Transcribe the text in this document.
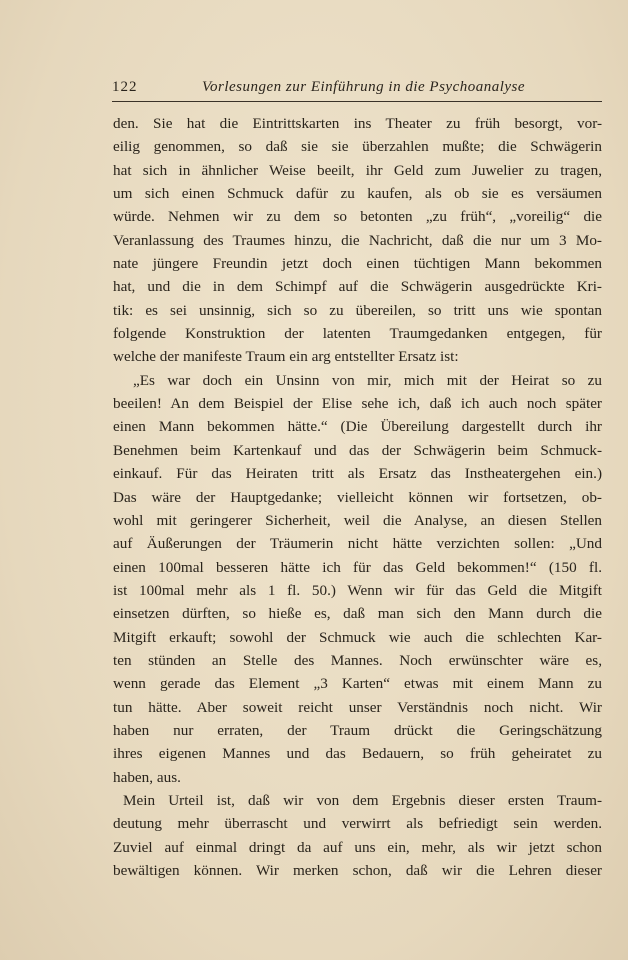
122	Vorlesungen zur Einführung in die Psychoanalyse
den. Sie hat die Eintrittskarten ins Theater zu früh besorgt, vor-
eilig genommen, so daß sie sie überzahlen mußte; die Schwägerin
hat sich in ähnlicher Weise beeilt, ihr Geld zum Juwelier zu tragen,
um sich einen Schmuck dafür zu kaufen, als ob sie es versäumen
würde. Nehmen wir zu dem so betonten „zu früh“, „voreilig“ die
Veranlassung des Traumes hinzu, die Nachricht, daß die nur um 3 Mo-
nate jüngere Freundin jetzt doch einen tüchtigen Mann bekommen
hat, und die in dem Schimpf auf die Schwägerin ausgedrückte Kri-
tik: es sei unsinnig, sich so zu übereilen, so tritt uns wie spontan
folgende Konstruktion der latenten Traumgedanken entgegen, für
welche der manifeste Traum ein arg entstellter Ersatz ist:
„Es war doch ein Unsinn von mir, mich mit der Heirat so zu
beeilen! An dem Beispiel der Elise sehe ich, daß ich auch noch später
einen Mann bekommen hätte.“ (Die Übereilung dargestellt durch ihr
Benehmen beim Kartenkauf und das der Schwägerin beim Schmuck-
einkauf. Für das Heiraten tritt als Ersatz das Instheatergehen ein.)
Das wäre der Hauptgedanke; vielleicht können wir fortsetzen, ob-
wohl mit geringerer Sicherheit, weil die Analyse, an diesen Stellen
auf Äußerungen der Träumerin nicht hätte verzichten sollen: „Und
einen 100mal besseren hätte ich für das Geld bekommen!“ (150 fl.
ist 100mal mehr als 1 fl. 50.) Wenn wir für das Geld die Mitgift
einsetzen dürften, so hieße es, daß man sich den Mann durch die
Mitgift erkauft; sowohl der Schmuck wie auch die schlechten Kar-
ten stünden an Stelle des Mannes. Noch erwünschter wäre es,
wenn gerade das Element „3 Karten“ etwas mit einem Mann zu
tun hätte. Aber soweit reicht unser Verständnis noch nicht. Wir
haben nur erraten, der Traum drückt die Geringschätzung
ihres eigenen Mannes und das Bedauern, so früh geheiratet zu
haben, aus.
Mein Urteil ist, daß wir von dem Ergebnis dieser ersten Traum-
deutung mehr überrascht und verwirrt als befriedigt sein werden.
Zuviel auf einmal dringt da auf uns ein, mehr, als wir jetzt schon
bewältigen können. Wir merken schon, daß wir die Lehren dieser
